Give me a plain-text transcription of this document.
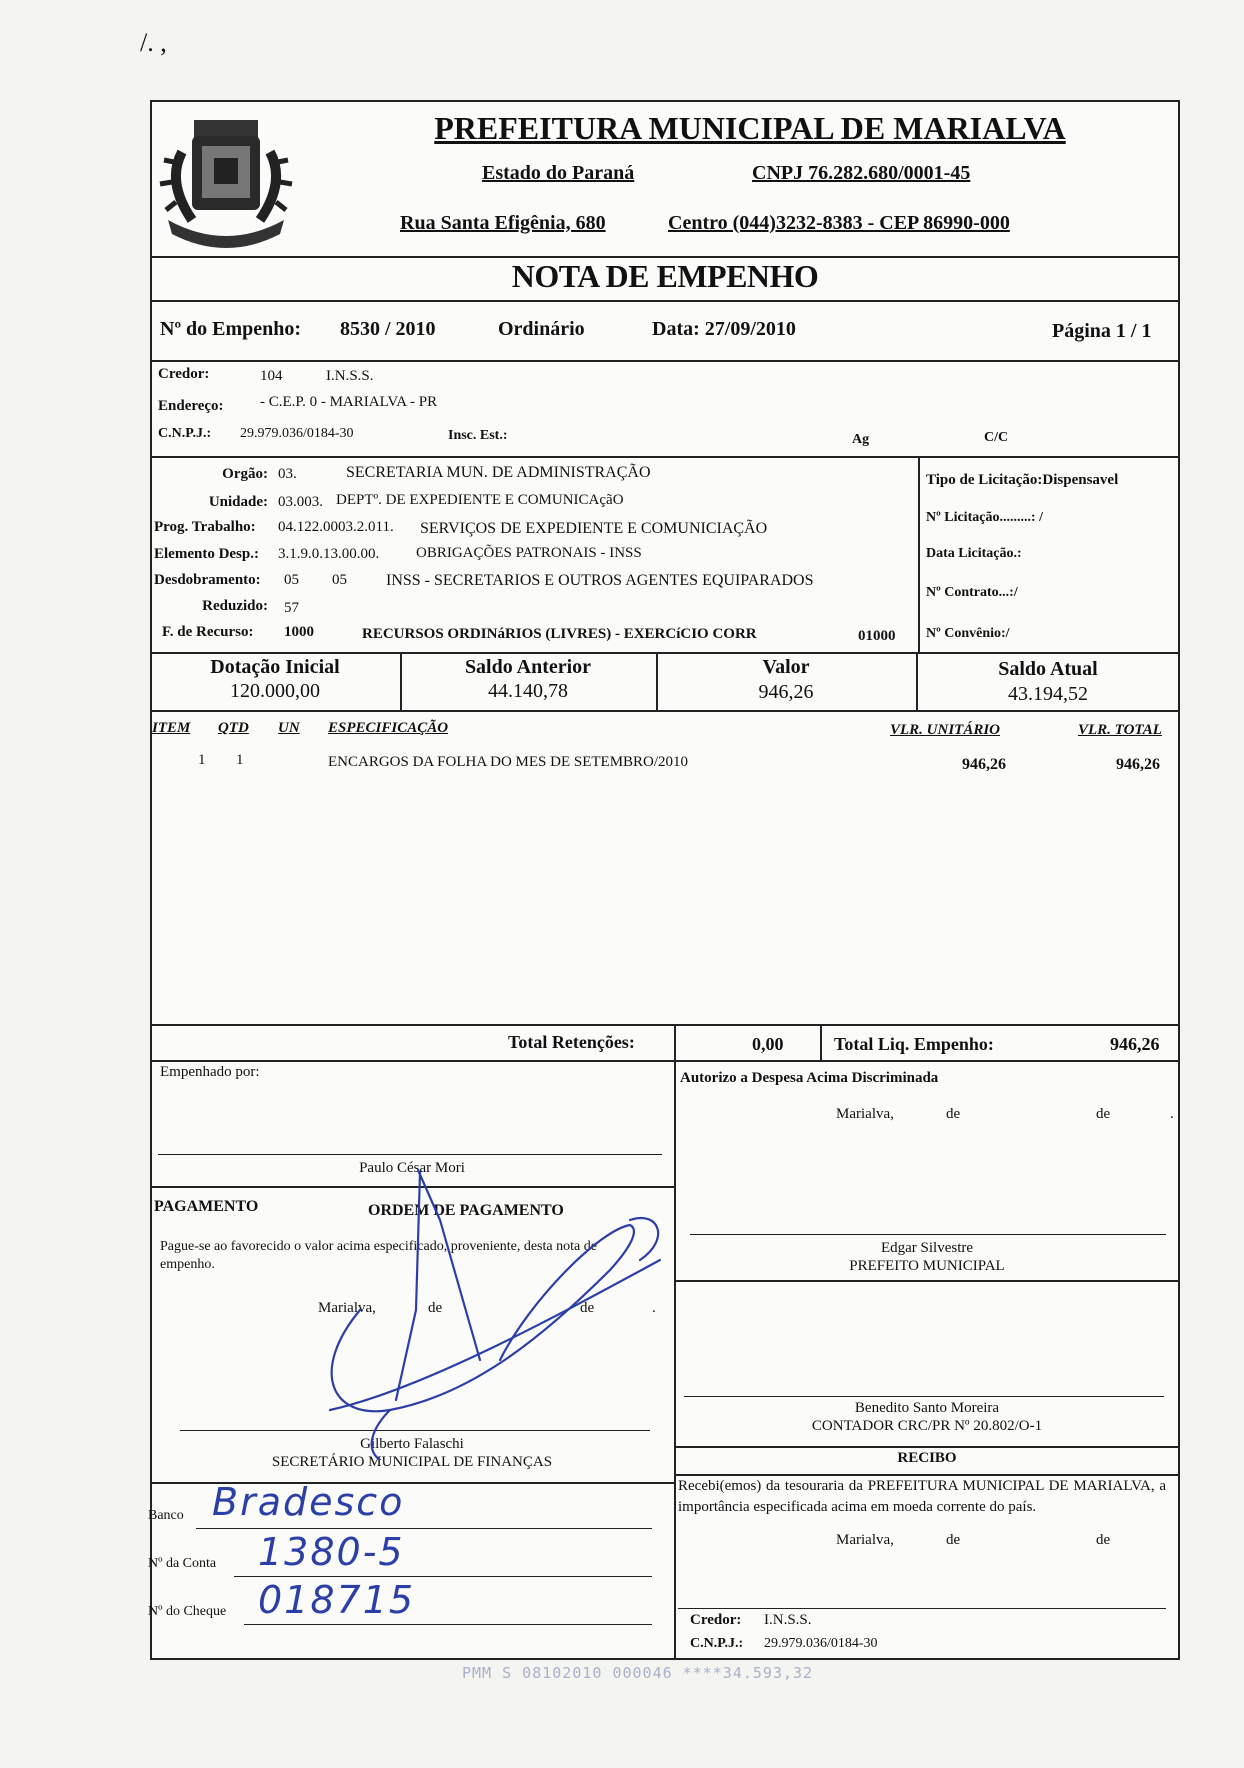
/. ,
PREFEITURA MUNICIPAL DE MARIALVA
Estado do Paraná	CNPJ 76.282.680/0001-45
Rua Santa Efigênia, 680	Centro (044)3232-8383 - CEP 86990-000
NOTA DE EMPENHO
Nº do Empenho: 8530 / 2010	Ordinário	Data: 27/09/2010	Página 1 / 1
Credor:	104	I.N.S.S.
Endereço: - C.E.P. 0 - MARIALVA - PR
C.N.P.J.: 29.979.036/0184-30	Insc. Est.:	Ag	C/C
Orgão: 03.	SECRETARIA MUN. DE ADMINISTRAÇÃO
Unidade: 03.003. DEPTº. DE EXPEDIENTE E COMUNICAçãO
Prog. Trabalho: 04.122.0003.2.011. SERVIÇOS DE EXPEDIENTE E COMUNICIAÇÃO
Elemento Desp.: 3.1.9.0.13.00.00. OBRIGAÇÕES PATRONAIS - INSS
Desdobramento: 05 05 INSS - SECRETARIOS E OUTROS AGENTES EQUIPARADOS
Reduzido: 57
F. de Recurso: 1000	RECURSOS ORDINáRIOS (LIVRES) - EXERCíCIO CORR	01000
Tipo de Licitação:Dispensavel
Nº Licitação.........: /
Data Licitação.:
Nº Contrato...:/
Nº Convênio:/
Dotação Inicial
120.000,00
Saldo Anterior
44.140,78
Valor
946,26
Saldo Atual
43.194,52
ITEM QTD UN ESPECIFICAÇÃO	VLR. UNITÁRIO	VLR. TOTAL
1 1	ENCARGOS DA FOLHA DO MES DE SETEMBRO/2010	946,26	946,26
Total Retenções:	0,00	Total Liq. Empenho:	946,26
Empenhado por:
Paulo César Mori
Autorizo a Despesa Acima Discriminada
Marialva,	de	de	.
Edgar Silvestre
PREFEITO MUNICIPAL
PAGAMENTO	ORDEM DE PAGAMENTO
Pague-se ao favorecido o valor acima especificado, proveniente, desta nota de empenho.
Marialva,	de	de	.
Gilberto Falaschi
SECRETÁRIO MUNICIPAL DE FINANÇAS
Benedito Santo Moreira
CONTADOR CRC/PR Nº 20.802/O-1
RECIBO
Recebi(emos) da tesouraria da PREFEITURA MUNICIPAL DE MARIALVA, a importância especificada acima em moeda corrente do país.
Marialva,	de	de
Credor: I.N.S.S.
C.N.P.J.: 29.979.036/0184-30
Banco Bradesco
Nº da Conta 1380-5
Nº do Cheque 018715
PMM S 08102010 000046 ****34.593,32
